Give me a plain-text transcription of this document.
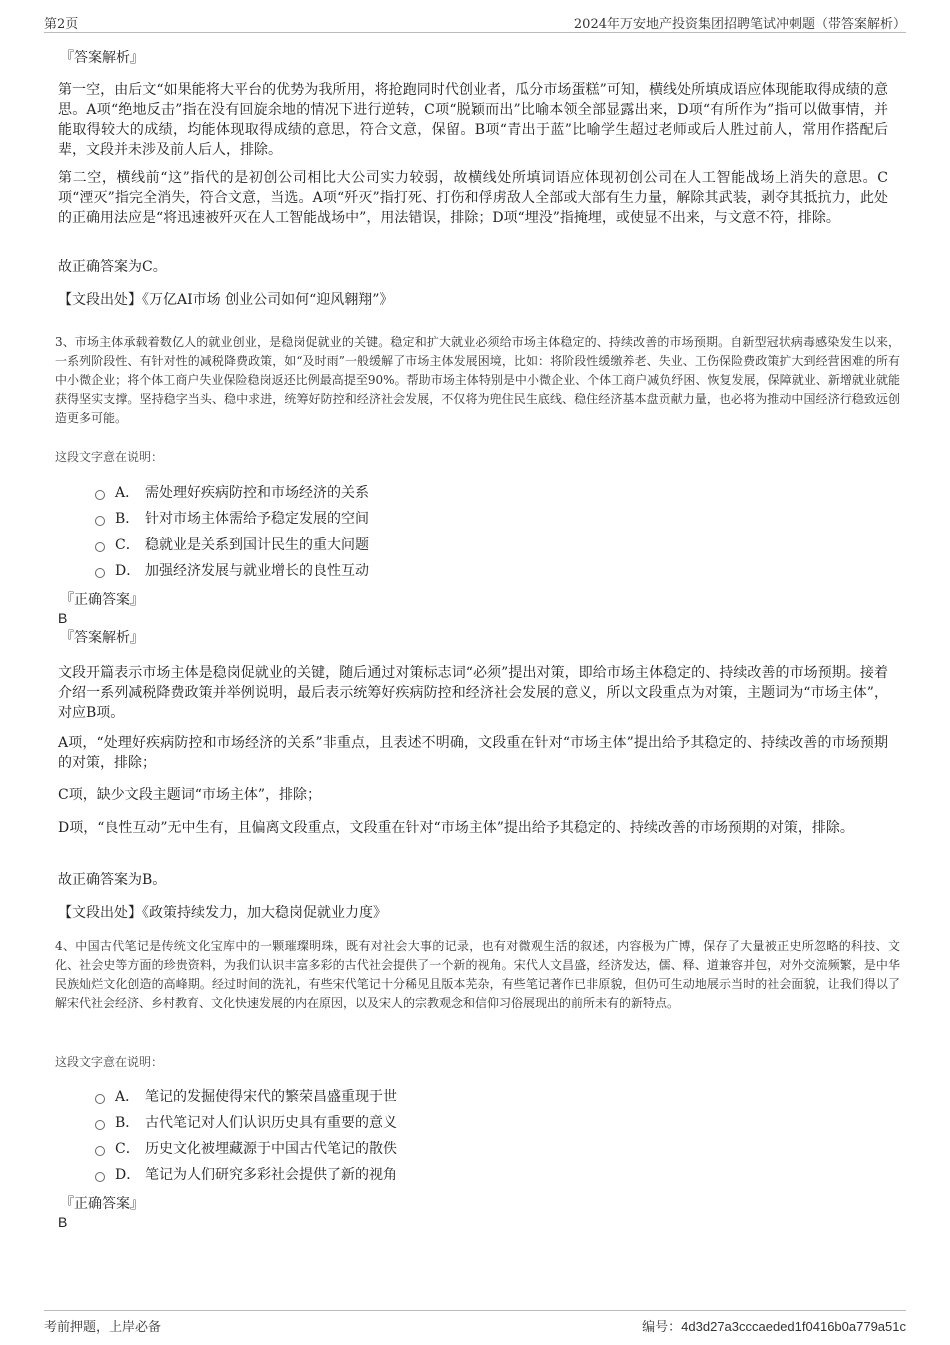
第2页	2024年万安地产投资集团招聘笔试冲刺题（带答案解析）
『答案解析』
第一空，由后文“如果能将大平台的优势为我所用，将抢跑同时代创业者，瓜分市场蛋糕”可知，横线处所填成语应体现能取得成绩的意思。A项“绝地反击”指在没有回旋余地的情况下进行逆转，C项“脱颖而出”比喻本领全部显露出来，D项“有所作为”指可以做事情，并能取得较大的成绩，均能体现取得成绩的意思，符合文意，保留。B项“青出于蓝”比喻学生超过老师或后人胜过前人，常用作搭配后辈，文段并未涉及前人后人，排除。
第二空，横线前“这”指代的是初创公司相比大公司实力较弱，故横线处所填词语应体现初创公司在人工智能战场上消失的意思。C项“湮灭”指完全消失，符合文意，当选。A项“歼灭”指打死、打伤和俘虏敌人全部或大部有生力量，解除其武装，剥夺其抵抗力，此处的正确用法应是“将迅速被歼灭在人工智能战场中”，用法错误，排除；D项“埋没”指掩埋，或使显不出来，与文意不符，排除。
故正确答案为C。
【文段出处】《万亿AI市场 创业公司如何“迎风翱翔”》
3、市场主体承载着数亿人的就业创业，是稳岗促就业的关键。稳定和扩大就业必须给市场主体稳定的、持续改善的市场预期。自新型冠状病毒感染发生以来，一系列阶段性、有针对性的减税降费政策，如“及时雨”一般缓解了市场主体发展困境，比如：将阶段性缓缴养老、失业、工伤保险费政策扩大到经营困难的所有中小微企业；将个体工商户失业保险稳岗返还比例最高提至90%。帮助市场主体特别是中小微企业、个体工商户减负纾困、恢复发展，保障就业、新增就业就能获得坚实支撑。坚持稳字当头、稳中求进，统筹好防控和经济社会发展，不仅将为兜住民生底线、稳住经济基本盘贡献力量，也必将为推动中国经济行稳致远创造更多可能。
这段文字意在说明：
A． 需处理好疾病防控和市场经济的关系
B． 针对市场主体需给予稳定发展的空间
C． 稳就业是关系到国计民生的重大问题
D． 加强经济发展与就业增长的良性互动
『正确答案』
B
『答案解析』
文段开篇表示市场主体是稳岗促就业的关键，随后通过对策标志词“必须”提出对策，即给市场主体稳定的、持续改善的市场预期。接着介绍一系列减税降费政策并举例说明，最后表示统筹好疾病防控和经济社会发展的意义，所以文段重点为对策，主题词为“市场主体”，对应B项。
A项，“处理好疾病防控和市场经济的关系”非重点，且表述不明确，文段重在针对“市场主体”提出给予其稳定的、持续改善的市场预期的对策，排除；
C项，缺少文段主题词“市场主体”，排除；
D项，“良性互动”无中生有，且偏离文段重点，文段重在针对“市场主体”提出给予其稳定的、持续改善的市场预期的对策，排除。
故正确答案为B。
【文段出处】《政策持续发力，加大稳岗促就业力度》
4、中国古代笔记是传统文化宝库中的一颗璀璨明珠，既有对社会大事的记录，也有对微观生活的叙述，内容极为广博，保存了大量被正史所忽略的科技、文化、社会史等方面的珍贵资料，为我们认识丰富多彩的古代社会提供了一个新的视角。宋代人文昌盛，经济发达，儒、释、道兼容并包，对外交流频繁，是中华民族灿烂文化创造的高峰期。经过时间的洗礼，有些宋代笔记十分稀见且版本芜杂，有些笔记著作已非原貌，但仍可生动地展示当时的社会面貌，让我们得以了解宋代社会经济、乡村教育、文化快速发展的内在原因，以及宋人的宗教观念和信仰习俗展现出的前所未有的新特点。
这段文字意在说明：
A． 笔记的发掘使得宋代的繁荣昌盛重现于世
B． 古代笔记对人们认识历史具有重要的意义
C． 历史文化被埋藏源于中国古代笔记的散佚
D． 笔记为人们研究多彩社会提供了新的视角
『正确答案』
B
考前押题，上岸必备	编号：4d3d27a3cccaeded1f0416b0a779a51c
